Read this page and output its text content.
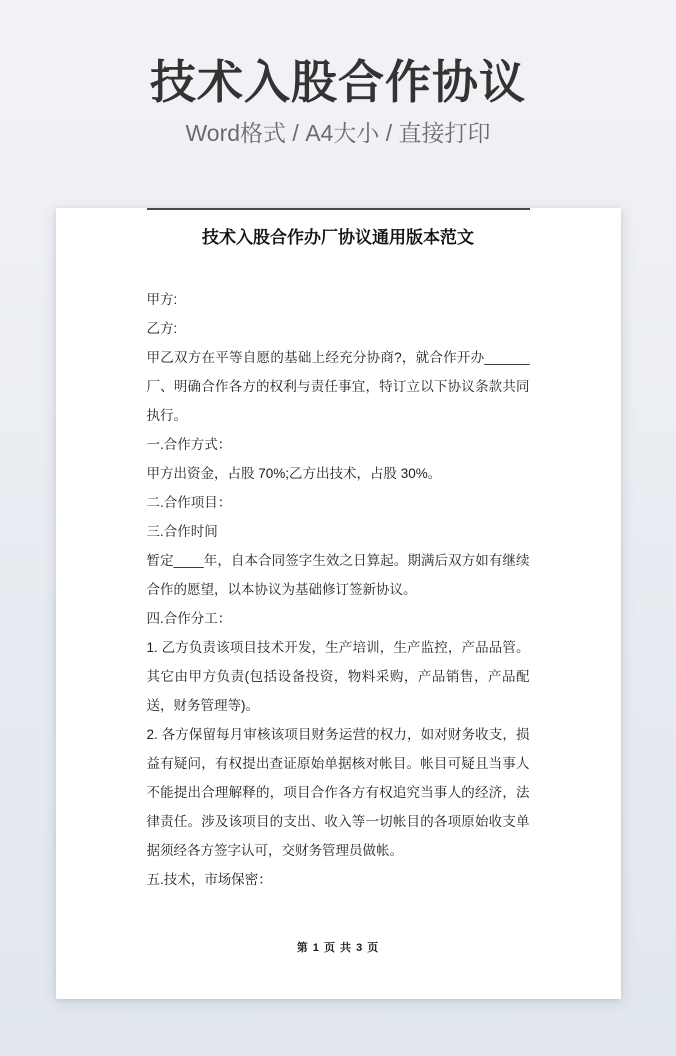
技术入股合作协议
Word格式 / A4大小 / 直接打印
技术入股合作办厂协议通用版本范文

甲方:

乙方:

甲乙双方在平等自愿的基础上经充分协商?，就合作开办______厂、明确合作各方的权利与责任事宜，特订立以下协议条款共同执行。

一.合作方式：

甲方出资金，占股 70%;乙方出技术，占股 30%。

二.合作项目：

三.合作时间

暂定____年，自本合同签字生效之日算起。期满后双方如有继续合作的愿望，以本协议为基础修订签新协议。

四.合作分工：

1. 乙方负责该项目技术开发，生产培训，生产监控，产品品管。其它由甲方负责(包括设备投资，物料采购，产品销售，产品配送，财务管理等)。

2. 各方保留每月审核该项目财务运营的权力，如对财务收支，损益有疑问，有权提出查证原始单据核对帐目。帐目可疑且当事人不能提出合理解释的，项目合作各方有权追究当事人的经济，法律责任。涉及该项目的支出、收入等一切帐目的各项原始收支单据须经各方签字认可，交财务管理员做帐。

五.技术，市场保密：

第 1 页 共 3 页
